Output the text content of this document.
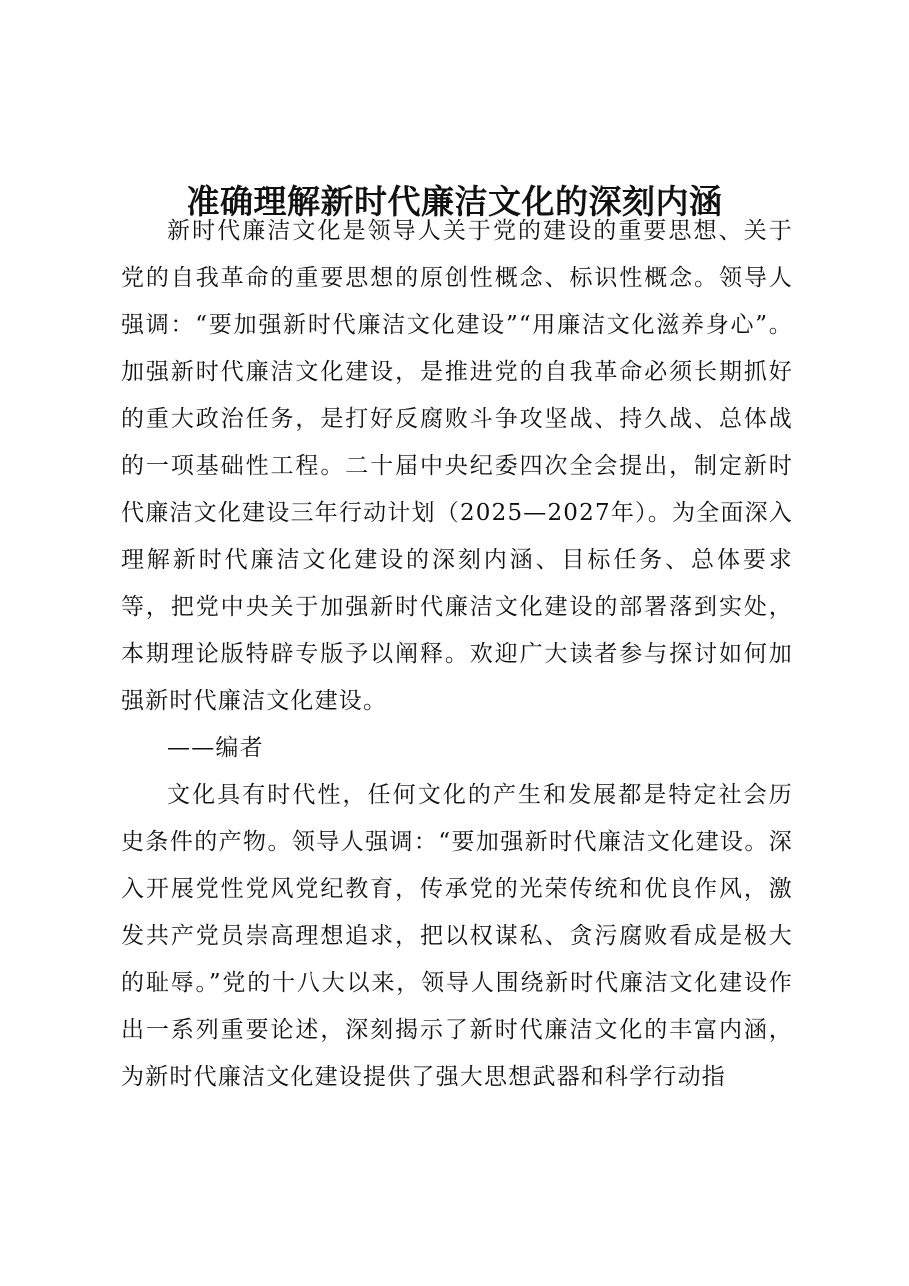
准确理解新时代廉洁文化的深刻内涵

新时代廉洁文化是领导人关于党的建设的重要思想、关于党的自我革命的重要思想的原创性概念、标识性概念。领导人强调：“要加强新时代廉洁文化建设”“用廉洁文化滋养身心”。加强新时代廉洁文化建设，是推进党的自我革命必须长期抓好的重大政治任务，是打好反腐败斗争攻坚战、持久战、总体战的一项基础性工程。二十届中央纪委四次全会提出，制定新时代廉洁文化建设三年行动计划（2025—2027年）。为全面深入理解新时代廉洁文化建设的深刻内涵、目标任务、总体要求等，把党中央关于加强新时代廉洁文化建设的部署落到实处，本期理论版特辟专版予以阐释。欢迎广大读者参与探讨如何加强新时代廉洁文化建设。

——编者

文化具有时代性，任何文化的产生和发展都是特定社会历史条件的产物。领导人强调：“要加强新时代廉洁文化建设。深入开展党性党风党纪教育，传承党的光荣传统和优良作风，激发共产党员崇高理想追求，把以权谋私、贪污腐败看成是极大的耻辱。”党的十八大以来，领导人围绕新时代廉洁文化建设作出一系列重要论述，深刻揭示了新时代廉洁文化的丰富内涵，为新时代廉洁文化建设提供了强大思想武器和科学行动指
